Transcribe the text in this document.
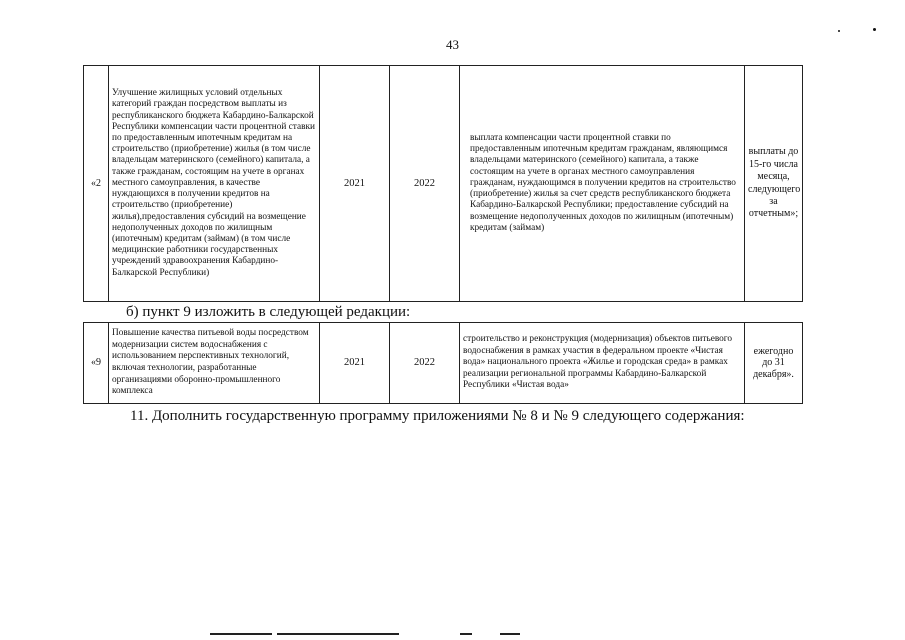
43
«2	Улучшение жилищных условий отдельных категорий граждан посредством выплаты из республиканского бюджета Кабардино-Балкарской Республики компенсации части процентной ставки по предоставленным ипотечным кредитам на строительство (приобретение) жилья (в том числе владельцам материнского (семейного) капитала, а также гражданам, состоящим на учете в органах местного самоуправления, в качестве нуждающихся в получении кредитов на строительство (приобретение) жилья),предоставления субсидий на возмещение недополученных доходов по жилищным (ипотечным) кредитам (займам) (в том числе медицинские работники государственных учреждений здравоохранения Кабардино-Балкарской Республики)	2021	2022	выплата компенсации части процентной ставки по предоставленным ипотечным кредитам гражданам, являющимся владельцами материнского (семейного) капитала, а также состоящим на учете в органах местного самоуправления гражданам, нуждающимся в получении кредитов на строительство (приобретение) жилья за счет средств республиканского бюджета Кабардино-Балкарской Республики; предоставление субсидий на возмещение недополученных доходов по жилищным (ипотечным) кредитам (займам)	выплаты до 15-го числа месяца, следующего за отчетным»;
б) пункт 9 изложить в следующей редакции:
«9	Повышение качества питьевой воды посредством модернизации систем водоснабжения с использованием перспективных технологий, включая технологии, разработанные организациями оборонно-промышленного комплекса	2021	2022	строительство и реконструкция (модернизация) объектов питьевого водоснабжения в рамках участия в федеральном проекте «Чистая вода» национального проекта «Жилье и городская среда» в рамках реализации региональной программы Кабардино-Балкарской Республики «Чистая вода»	ежегодно до 31 декабря».
11. Дополнить государственную программу приложениями № 8 и № 9 следующего содержания:
